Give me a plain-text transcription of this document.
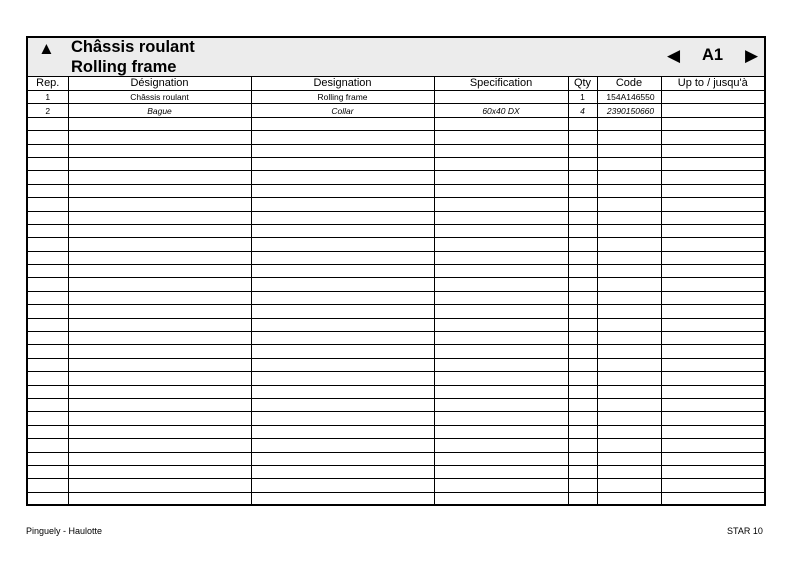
▲ Châssis roulant
Rolling frame
◀ A1 ▶
Rep.	Désignation	Designation	Specification	Qty	Code	Up to / jusqu'à
1	Châssis roulant	Rolling frame		1	154A146550	
2	Bague	Collar	60x40 DX	4	2390150660	

Pinguely - Haulotte	STAR 10
